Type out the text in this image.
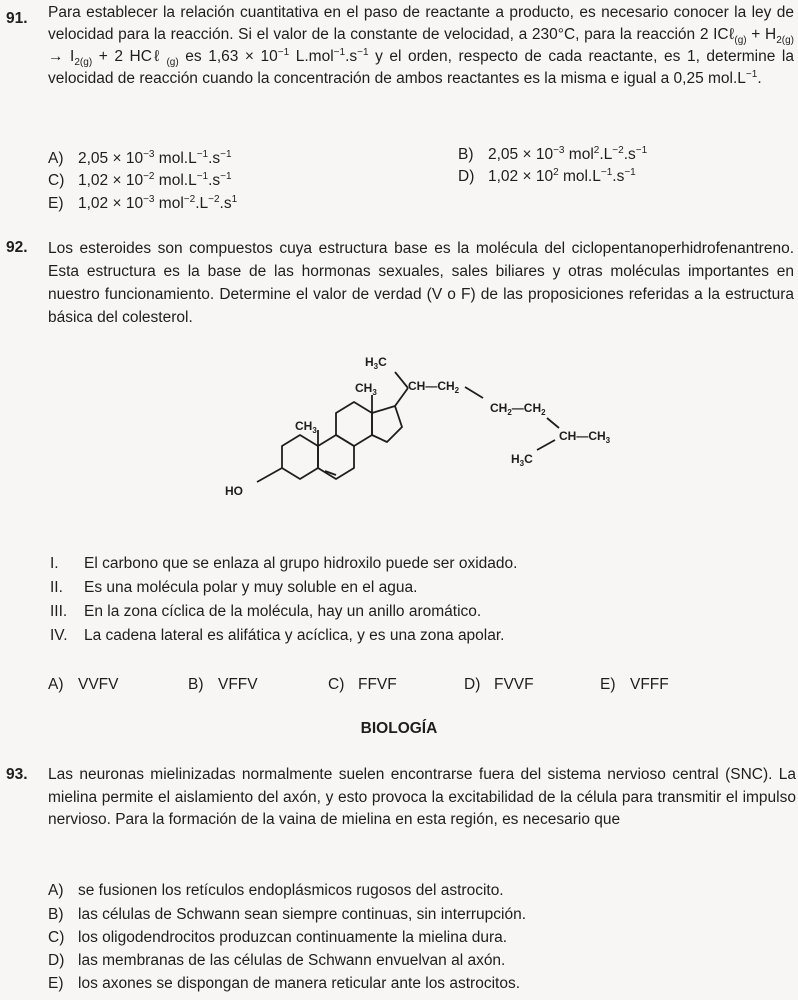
91. Para establecer la relación cuantitativa en el paso de reactante a producto, es necesario conocer la ley de velocidad para la reacción. Si el valor de la constante de velocidad, a 230°C, para la reacción 2 ICℓ$_{(g)}$ + $H_{2(g)} \to I_{2(g)} + 2$ HCℓ $_{(g)}$ es $1,63 \times 10^{-1}$ $L.mol^{-1}.s^{-1}$ y el orden, respecto de cada reactante, es 1, determine la velocidad de reacción cuando la concentración de ambos reactantes es la misma e igual a 0,25 $mol.L^{-1}$.
A) $2,05 \times 10^{-3}$ $mol.L^{-1}.s^{-1}$	B) $2,05 \times 10^{-3}$ $mol^2.L^{-2}.s^{-1}$
C) $1,02 \times 10^{-2}$ $mol.L^{-1}.s^{-1}$	D) $1,02 \times 10^2$ $mol.L^{-1}.s^{-1}$
E) $1,02 \times 10^{-3}$ $mol^{-2}.L^{-2}.s^1$
92. Los esteroides son compuestos cuya estructura base es la molécula del ciclopentanoperhidrofenantreno. Esta estructura es la base de las hormonas sexuales, sales biliares y otras moléculas importantes en nuestro funcionamiento. Determine el valor de verdad (V o F) de las proposiciones referidas a la estructura básica del colesterol.
HO
$CH_3$
$CH_3$
$H_3C$
$CH—CH_2$
$CH_2—CH_2$
$CH—CH_3$
$H_3C$
I. El carbono que se enlaza al grupo hidroxilo puede ser oxidado.
II. Es una molécula polar y muy soluble en el agua.
III. En la zona cíclica de la molécula, hay un anillo aromático.
IV. La cadena lateral es alifática y acíclica, y es una zona apolar.
A) VVFV	B) VFFV	C) FFVF	D) FVVF	E) VFFF
BIOLOGÍA
93. Las neuronas mielinizadas normalmente suelen encontrarse fuera del sistema nervioso central (SNC). La mielina permite el aislamiento del axón, y esto provoca la excitabilidad de la célula para transmitir el impulso nervioso. Para la formación de la vaina de mielina en esta región, es necesario que
A) se fusionen los retículos endoplásmicos rugosos del astrocito.
B) las células de Schwann sean siempre continuas, sin interrupción.
C) los oligodendrocitos produzcan continuamente la mielina dura.
D) las membranas de las células de Schwann envuelvan al axón.
E) los axones se dispongan de manera reticular ante los astrocitos.
